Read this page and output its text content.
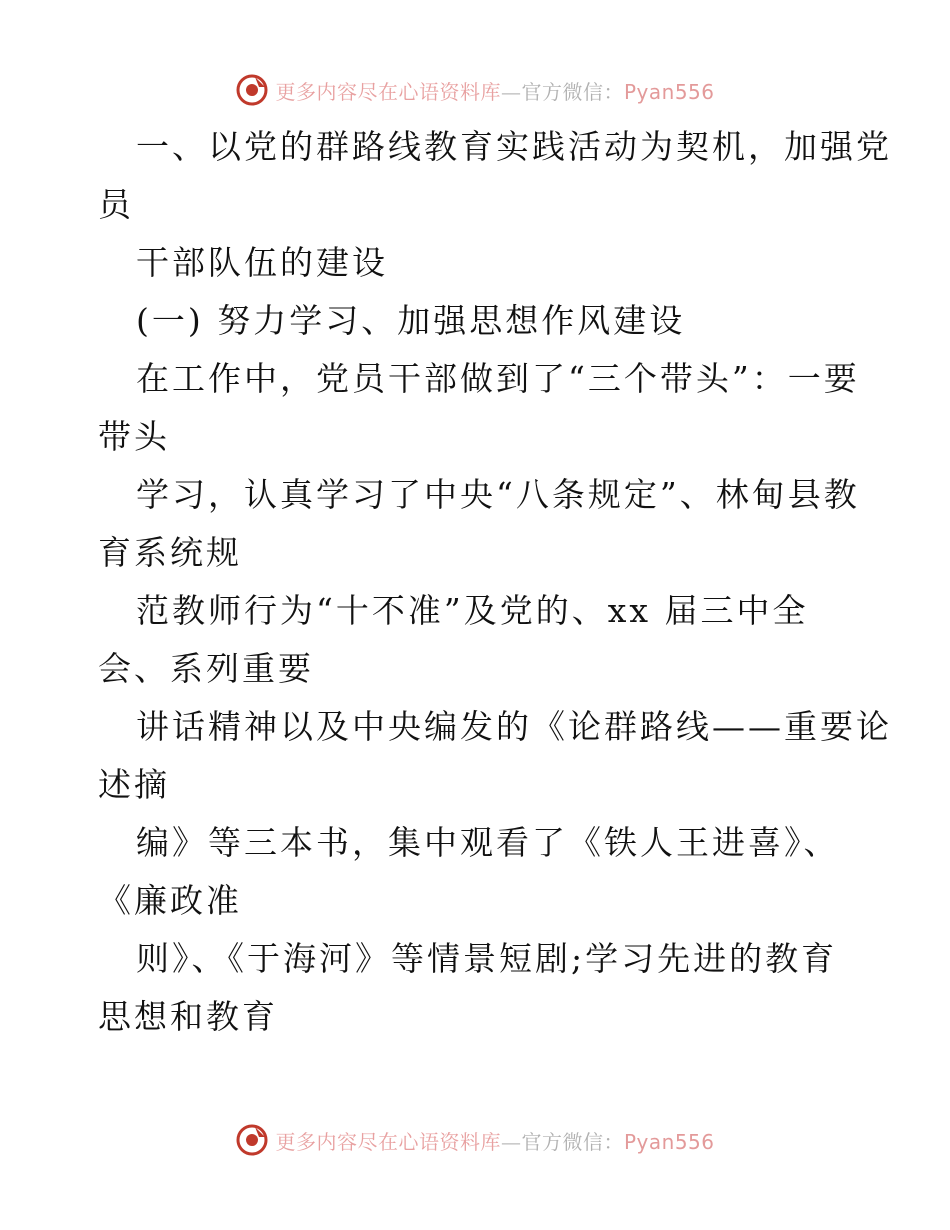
更多内容尽在心语资料库—官方微信：Pyan556
一、以党的群路线教育实践活动为契机，加强党
员
干部队伍的建设
(一) 努力学习、加强思想作风建设
在工作中，党员干部做到了“三个带头”：一要
带头
学习，认真学习了中央“八条规定”、林甸县教
育系统规
范教师行为“十不准”及党的、xx 届三中全
会、系列重要
讲话精神以及中央编发的《论群路线——重要论
述摘
编》等三本书，集中观看了《铁人王进喜》、
《廉政准
则》、《于海河》等情景短剧;学习先进的教育
思想和教育
更多内容尽在心语资料库—官方微信：Pyan556
